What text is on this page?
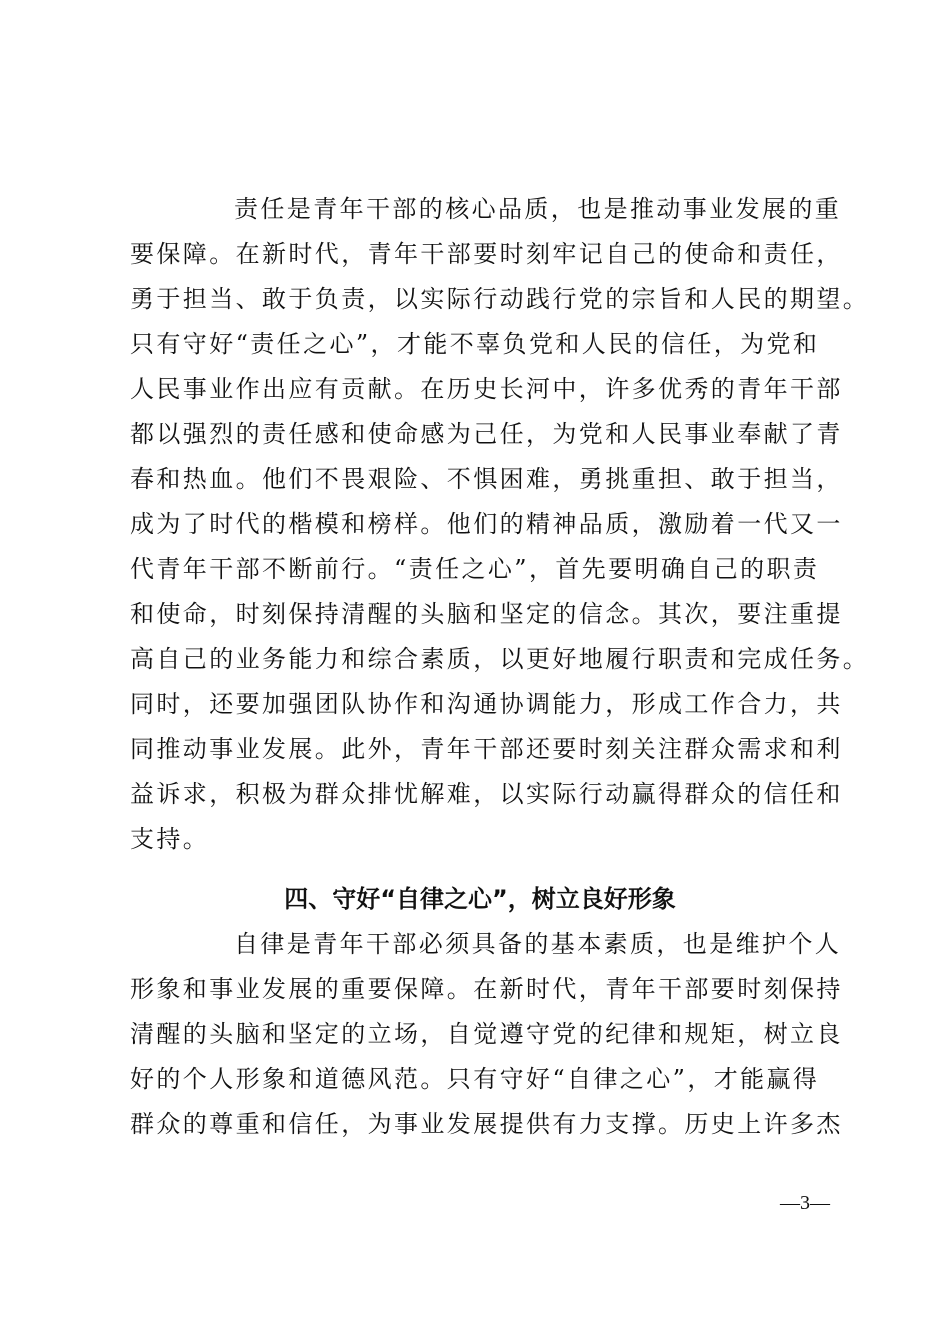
责任是青年干部的核心品质，也是推动事业发展的重
要保障。在新时代，青年干部要时刻牢记自己的使命和责任，
勇于担当、敢于负责，以实际行动践行党的宗旨和人民的期望。
只有守好“责任之心”，才能不辜负党和人民的信任，为党和
人民事业作出应有贡献。在历史长河中，许多优秀的青年干部
都以强烈的责任感和使命感为己任，为党和人民事业奉献了青
春和热血。他们不畏艰险、不惧困难，勇挑重担、敢于担当，
成为了时代的楷模和榜样。他们的精神品质，激励着一代又一
代青年干部不断前行。“责任之心”，首先要明确自己的职责
和使命，时刻保持清醒的头脑和坚定的信念。其次，要注重提
高自己的业务能力和综合素质，以更好地履行职责和完成任务。
同时，还要加强团队协作和沟通协调能力，形成工作合力，共
同推动事业发展。此外，青年干部还要时刻关注群众需求和利
益诉求，积极为群众排忧解难，以实际行动赢得群众的信任和
支持。
四、守好“自律之心”，树立良好形象
自律是青年干部必须具备的基本素质，也是维护个人
形象和事业发展的重要保障。在新时代，青年干部要时刻保持
清醒的头脑和坚定的立场，自觉遵守党的纪律和规矩，树立良
好的个人形象和道德风范。只有守好“自律之心”，才能赢得
群众的尊重和信任，为事业发展提供有力支撑。历史上许多杰
—3—
